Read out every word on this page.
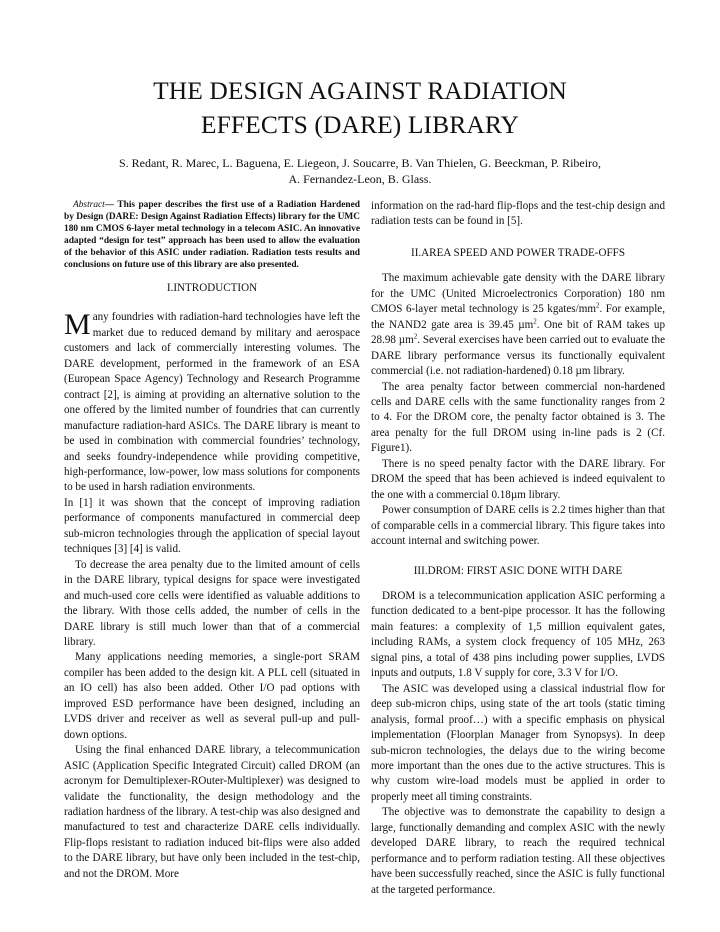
THE DESIGN AGAINST RADIATION
EFFECTS (DARE) LIBRARY
S. Redant, R. Marec, L. Baguena, E. Liegeon, J. Soucarre, B. Van Thielen, G. Beeckman, P. Ribeiro,
A. Fernandez-Leon, B. Glass.

Abstract— This paper describes the first use of a Radiation Hardened by Design (DARE: Design Against Radiation Effects) library for the UMC 180 nm CMOS 6-layer metal technology in a telecom ASIC. An innovative adapted “design for test” approach has been used to allow the evaluation of the behavior of this ASIC under radiation. Radiation tests results and conclusions on future use of this library are also presented.

I.INTRODUCTION

Many foundries with radiation-hard technologies have left the market due to reduced demand by military and aerospace customers and lack of commercially interesting volumes. The DARE development, performed in the framework of an ESA (European Space Agency) Technology and Research Programme contract [2], is aiming at providing an alternative solution to the one offered by the limited number of foundries that can currently manufacture radiation-hard ASICs. The DARE library is meant to be used in combination with commercial foundries’ technology, and seeks foundry-independence while providing competitive, high-performance, low-power, low mass solutions for components to be used in harsh radiation environments.

In [1] it was shown that the concept of improving radiation performance of components manufactured in commercial deep sub-micron technologies through the application of special layout techniques [3] [4] is valid.

To decrease the area penalty due to the limited amount of cells in the DARE library, typical designs for space were investigated and much-used core cells were identified as valuable additions to the library. With those cells added, the number of cells in the DARE library is still much lower than that of a commercial library.

Many applications needing memories, a single-port SRAM compiler has been added to the design kit. A PLL cell (situated in an IO cell) has also been added. Other I/O pad options with improved ESD performance have been designed, including an LVDS driver and receiver as well as several pull-up and pull-down options.

Using the final enhanced DARE library, a telecommunication ASIC (Application Specific Integrated Circuit) called DROM (an acronym for Demultiplexer-ROuter-Multiplexer) was designed to validate the functionality, the design methodology and the radiation hardness of the library. A test-chip was also designed and manufactured to test and characterize DARE cells individually. Flip-flops resistant to radiation induced bit-flips were also added to the DARE library, but have only been included in the test-chip, and not the DROM. More

information on the rad-hard flip-flops and the test-chip design and radiation tests can be found in [5].

II.AREA SPEED AND POWER TRADE-OFFS

The maximum achievable gate density with the DARE library for the UMC (United Microelectronics Corporation) 180 nm CMOS 6-layer metal technology is 25 kgates/$mm^2$. For example, the NAND2 gate area is 39.45 µm$^2$. One bit of RAM takes up 28.98 µm$^2$. Several exercises have been carried out to evaluate the DARE library performance versus its functionally equivalent commercial (i.e. not radiation-hardened) 0.18 µm library.

The area penalty factor between commercial non-hardened cells and DARE cells with the same functionality ranges from 2 to 4. For the DROM core, the penalty factor obtained is 3. The area penalty for the full DROM using in-line pads is 2 (Cf. Figure1).

There is no speed penalty factor with the DARE library. For DROM the speed that has been achieved is indeed equivalent to the one with a commercial 0.18µm library.

Power consumption of DARE cells is 2.2 times higher than that of comparable cells in a commercial library. This figure takes into account internal and switching power.

III.DROM: FIRST ASIC DONE WITH DARE

DROM is a telecommunication application ASIC performing a function dedicated to a bent-pipe processor. It has the following main features: a complexity of 1,5 million equivalent gates, including RAMs, a system clock frequency of 105 MHz, 263 signal pins, a total of 438 pins including power supplies, LVDS inputs and outputs, 1.8 V supply for core, 3.3 V for I/O.

The ASIC was developed using a classical industrial flow for deep sub-micron chips, using state of the art tools (static timing analysis, formal proof…) with a specific emphasis on physical implementation (Floorplan Manager from Synopsys). In deep sub-micron technologies, the delays due to the wiring become more important than the ones due to the active structures. This is why custom wire-load models must be applied in order to properly meet all timing constraints.

The objective was to demonstrate the capability to design a large, functionally demanding and complex ASIC with the newly developed DARE library, to reach the required technical performance and to perform radiation testing. All these objectives have been successfully reached, since the ASIC is fully functional at the targeted performance.
